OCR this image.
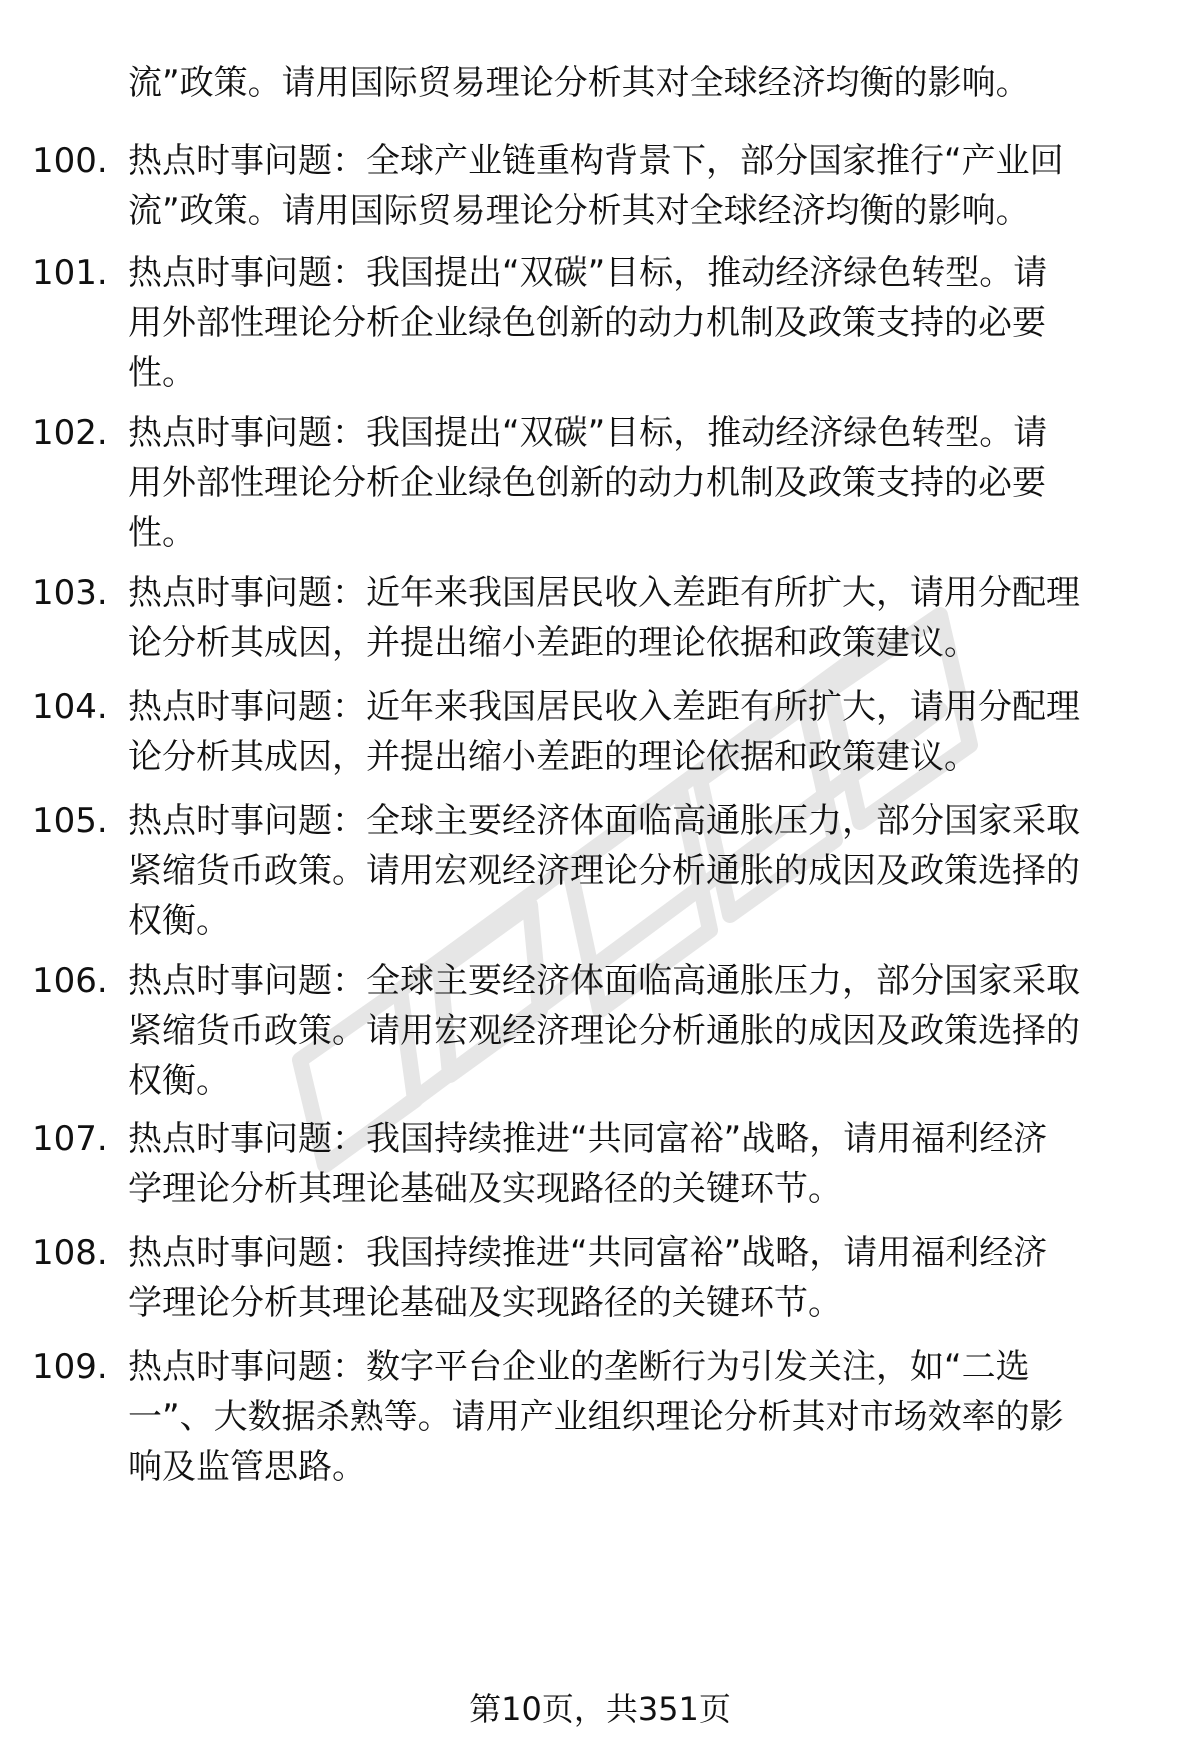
流”政策。请用国际贸易理论分析其对全球经济均衡的影响。
100. 热点时事问题：全球产业链重构背景下，部分国家推行“产业回
流”政策。请用国际贸易理论分析其对全球经济均衡的影响。
101. 热点时事问题：我国提出“双碳”目标，推动经济绿色转型。请
用外部性理论分析企业绿色创新的动力机制及政策支持的必要
性。
102. 热点时事问题：我国提出“双碳”目标，推动经济绿色转型。请
用外部性理论分析企业绿色创新的动力机制及政策支持的必要
性。
103. 热点时事问题：近年来我国居民收入差距有所扩大，请用分配理
论分析其成因，并提出缩小差距的理论依据和政策建议。
104. 热点时事问题：近年来我国居民收入差距有所扩大，请用分配理
论分析其成因，并提出缩小差距的理论依据和政策建议。
105. 热点时事问题：全球主要经济体面临高通胀压力，部分国家采取
紧缩货币政策。请用宏观经济理论分析通胀的成因及政策选择的
权衡。
106. 热点时事问题：全球主要经济体面临高通胀压力，部分国家采取
紧缩货币政策。请用宏观经济理论分析通胀的成因及政策选择的
权衡。
107. 热点时事问题：我国持续推进“共同富裕”战略，请用福利经济
学理论分析其理论基础及实现路径的关键环节。
108. 热点时事问题：我国持续推进“共同富裕”战略，请用福利经济
学理论分析其理论基础及实现路径的关键环节。
109. 热点时事问题：数字平台企业的垄断行为引发关注，如“二选
一”、大数据杀熟等。请用产业组织理论分析其对市场效率的影
响及监管思路。
第10页，共351页
